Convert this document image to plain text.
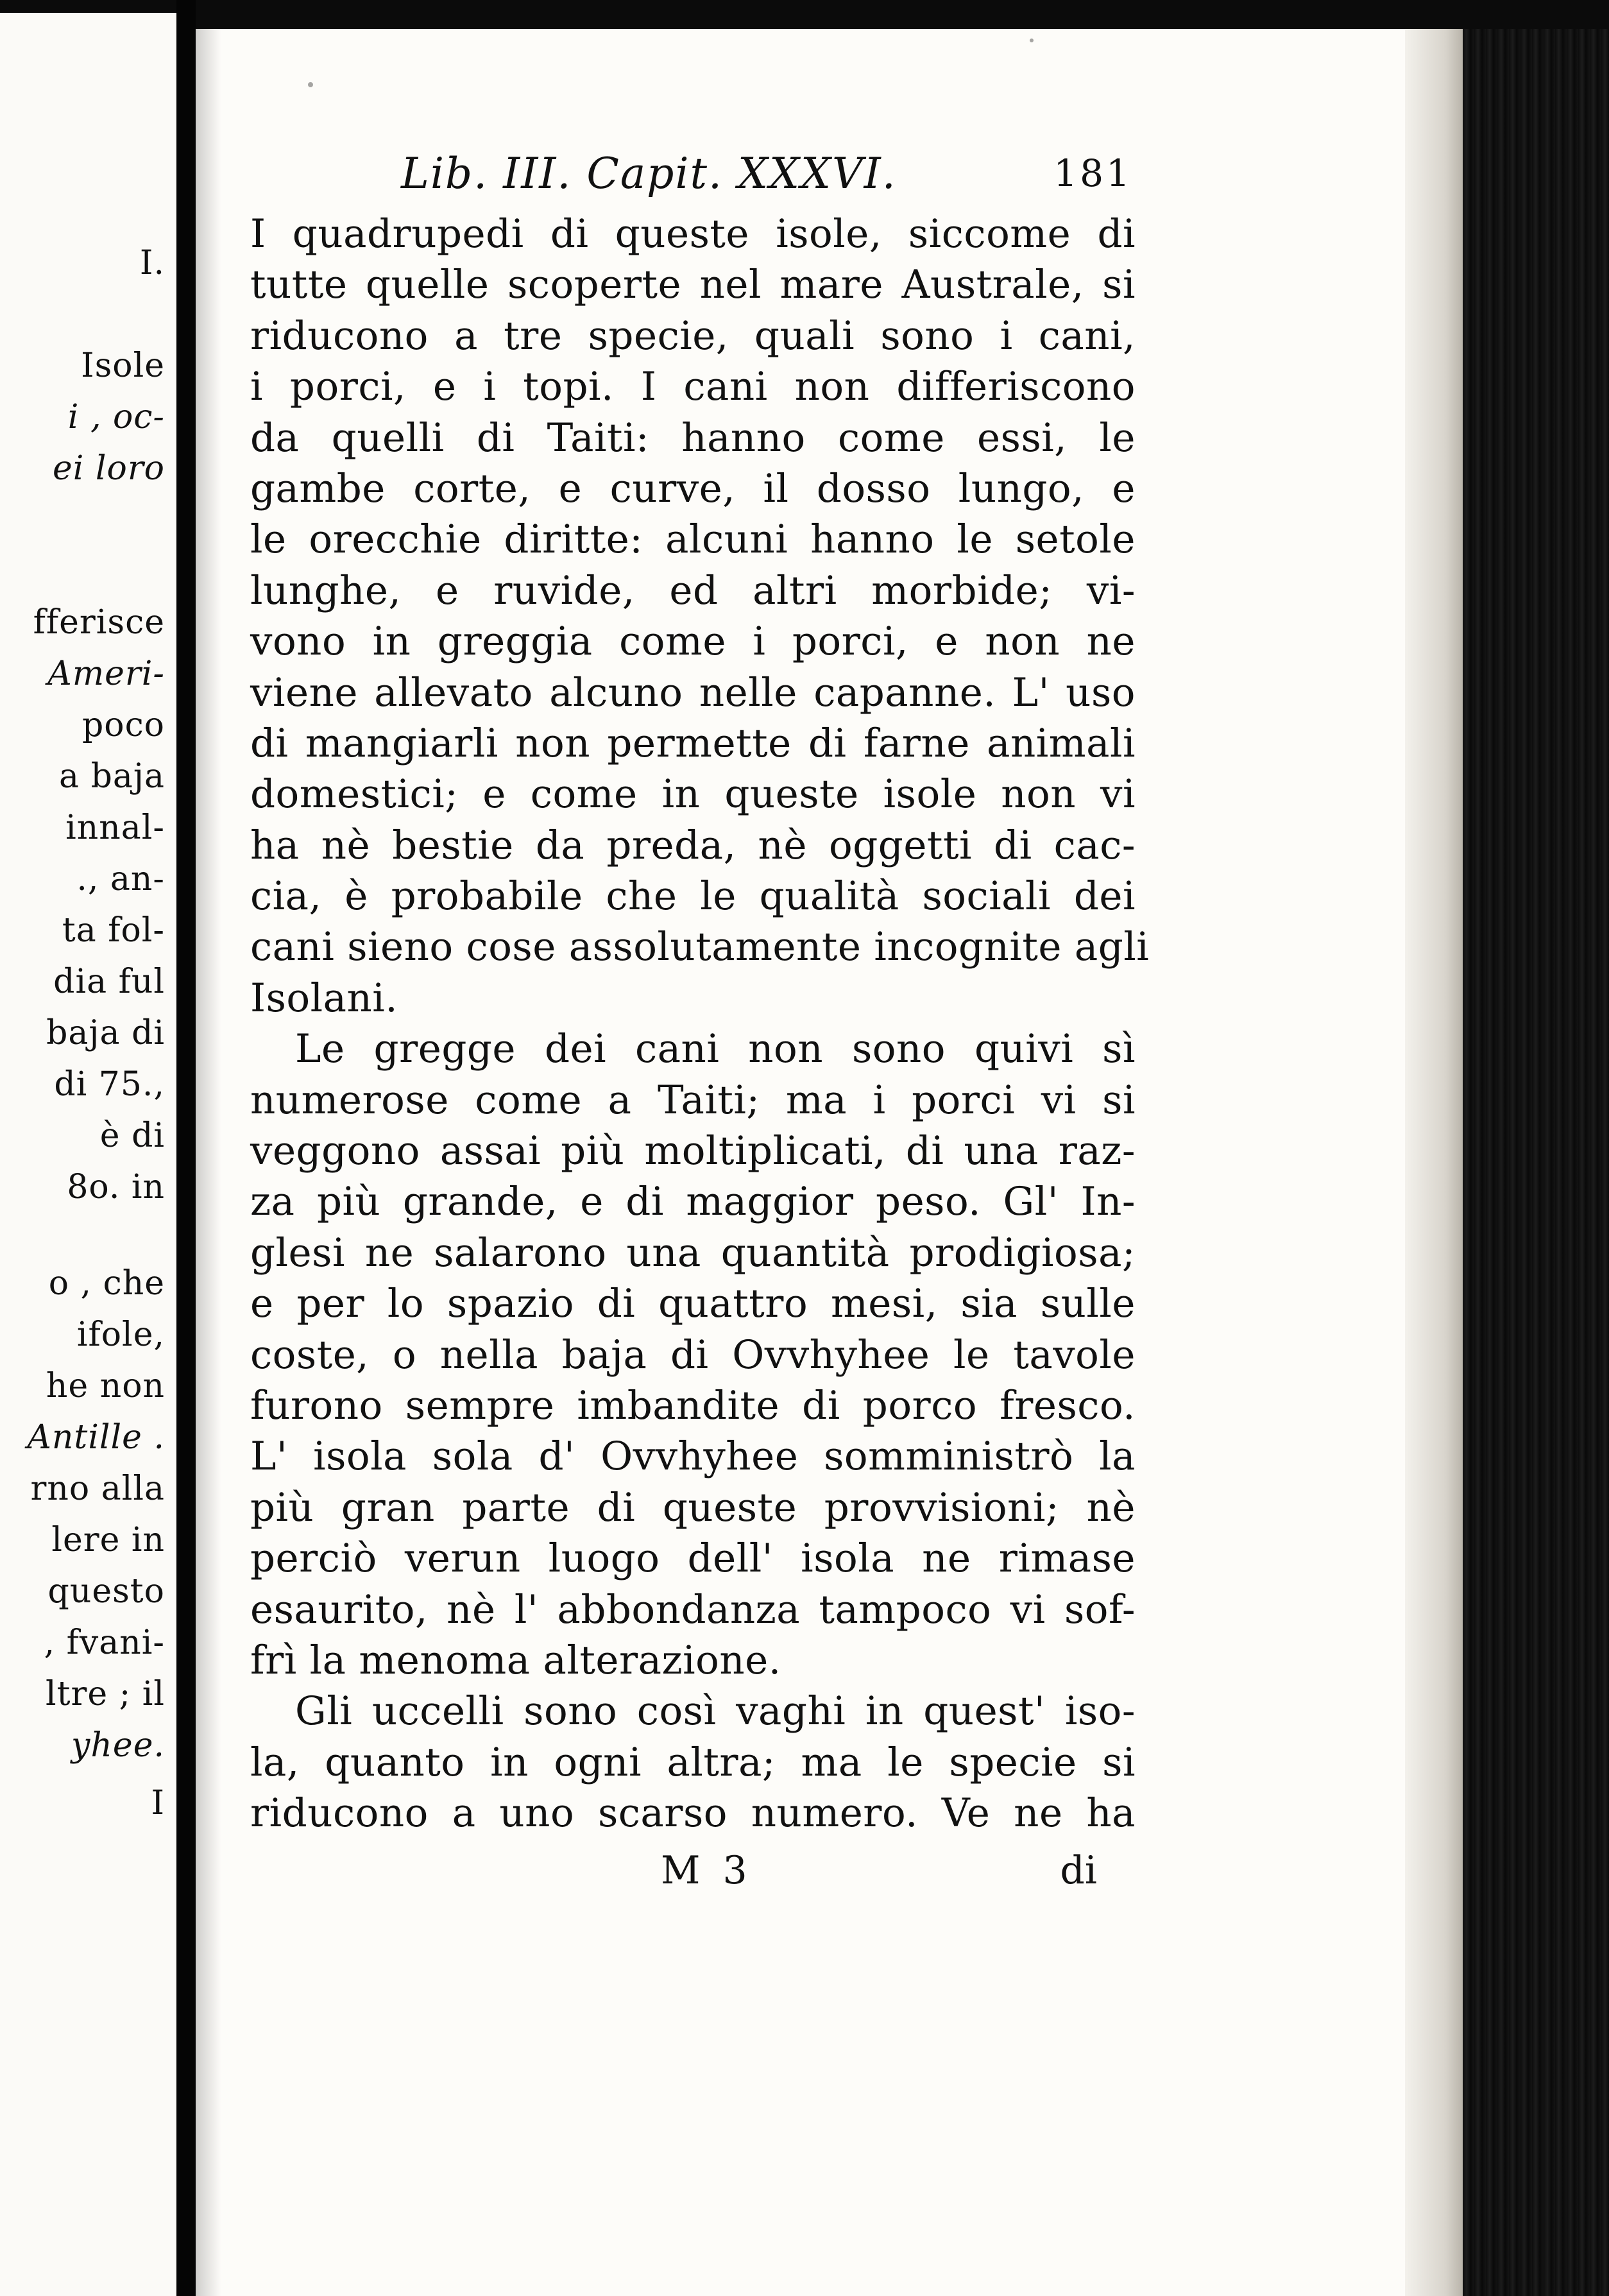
I.
Isole
i , oc-
ei loro
fferisce
Ameri-
poco
a baja
innal-
., an-
ta fol-
dia ful
baja di
di 75.,
è di
8o. in
o , che
ifole,
he non
Antille .
rno alla
lere in
questo
, fvani-
ltre ; il
yhee.
I
Lib. III. Capit. XXXVI.	181
I quadrupedi di queste isole, siccome di
tutte quelle scoperte nel mare Australe, si
riducono a tre specie, quali sono i cani,
i porci, e i topi. I cani non differiscono
da quelli di Taiti: hanno come essi, le
gambe corte, e curve, il dosso lungo, e
le orecchie diritte: alcuni hanno le setole
lunghe, e ruvide, ed altri morbide; vi-
vono in greggia come i porci, e non ne
viene allevato alcuno nelle capanne. L' uso
di mangiarli non permette di farne animali
domestici; e come in queste isole non vi
ha nè bestie da preda, nè oggetti di cac-
cia, è probabile che le qualità sociali dei
cani sieno cose assolutamente incognite agli
Isolani.
Le gregge dei cani non sono quivi sì
numerose come a Taiti; ma i porci vi si
veggono assai più moltiplicati, di una raz-
za più grande, e di maggior peso. Gl' In-
glesi ne salarono una quantità prodigiosa;
e per lo spazio di quattro mesi, sia sulle
coste, o nella baja di Ovvhyhee le tavole
furono sempre imbandite di porco fresco.
L' isola sola d' Ovvhyhee somministrò la
più gran parte di queste provvisioni; nè
perciò verun luogo dell' isola ne rimase
esaurito, nè l' abbondanza tampoco vi sof-
frì la menoma alterazione.
Gli uccelli sono così vaghi in quest' iso-
la, quanto in ogni altra; ma le specie si
riducono a uno scarso numero. Ve ne ha
M 3	di
